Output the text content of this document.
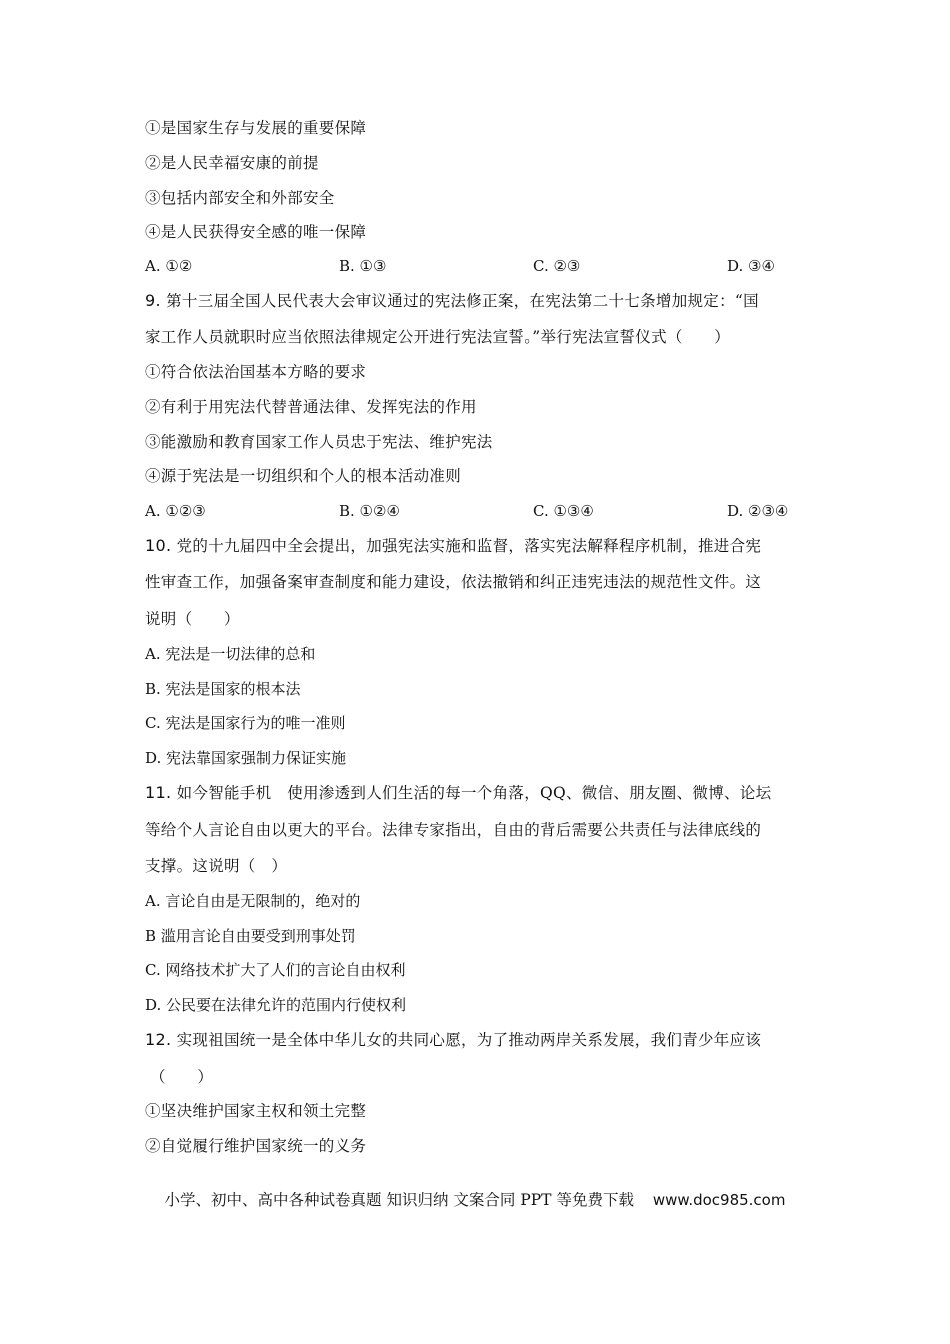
①是国家生存与发展的重要保障
②是人民幸福安康的前提
③包括内部安全和外部安全
④是人民获得安全感的唯一保障
A. ①②	B. ①③	C. ②③	D. ③④
9. 第十三届全国人民代表大会审议通过的宪法修正案，在宪法第二十七条增加规定：“国
家工作人员就职时应当依照法律规定公开进行宪法宣誓。”举行宪法宣誓仪式（　　）
①符合依法治国基本方略的要求
②有利于用宪法代替普通法律、发挥宪法的作用
③能激励和教育国家工作人员忠于宪法、维护宪法
④源于宪法是一切组织和个人的根本活动准则
A. ①②③	B. ①②④	C. ①③④	D. ②③④
10. 党的十九届四中全会提出，加强宪法实施和监督，落实宪法解释程序机制，推进合宪
性审查工作，加强备案审查制度和能力建设，依法撤销和纠正违宪违法的规范性文件。这
说明（　　）
A. 宪法是一切法律的总和
B. 宪法是国家的根本法
C. 宪法是国家行为的唯一准则
D. 宪法靠国家强制力保证实施
11. 如今智能手机　使用渗透到人们生活的每一个角落，QQ、微信、朋友圈、微博、论坛
等给个人言论自由以更大的平台。法律专家指出，自由的背后需要公共责任与法律底线的
支撑。这说明（　）
A. 言论自由是无限制的，绝对的
B 滥用言论自由要受到刑事处罚
C. 网络技术扩大了人们的言论自由权利
D. 公民要在法律允许的范围内行使权利
12. 实现祖国统一是全体中华儿女的共同心愿，为了推动两岸关系发展，我们青少年应该
（　　）
①坚决维护国家主权和领土完整
②自觉履行维护国家统一的义务
小学、初中、高中各种试卷真题 知识归纳 文案合同 PPT 等免费下载 www.doc985.com
